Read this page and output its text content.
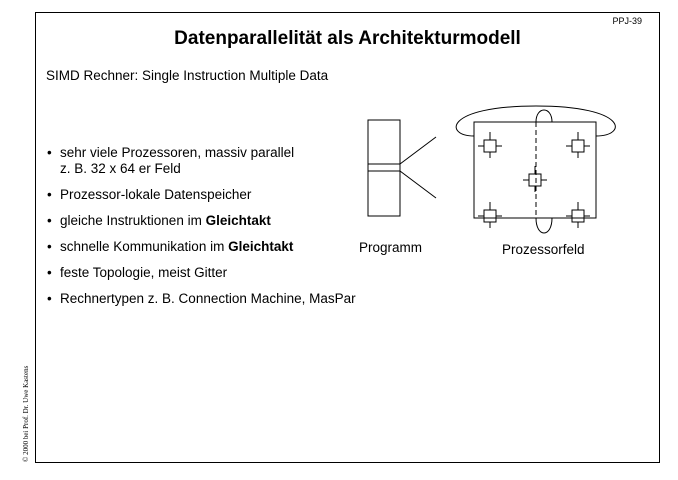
PPJ-39
Datenparallelität als Architekturmodell
SIMD Rechner: Single Instruction Multiple Data
• sehr viele Prozessoren, massiv parallel
z. B. 32 x 64 er Feld
• Prozessor-lokale Datenspeicher
• gleiche Instruktionen im Gleichtakt
• schnelle Kommunikation im Gleichtakt
• feste Topologie, meist Gitter
• Rechnertypen z. B. Connection Machine, MasPar
Programm	Prozessorfeld
© 2000 bei Prof. Dr. Uwe Kastens
